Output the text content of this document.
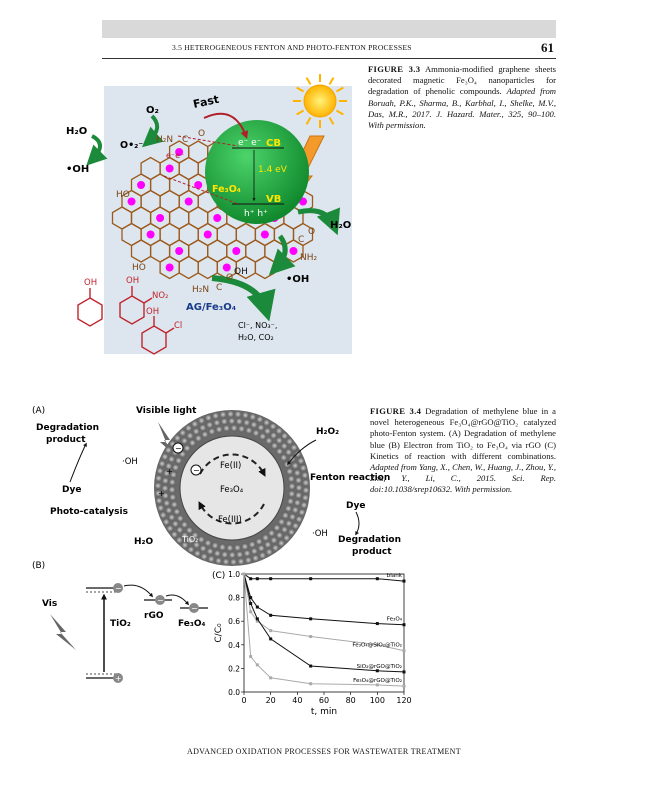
3.5 HETEROGENEOUS FENTON AND PHOTO-FENTON PROCESSES	61
e⁻ e⁻ CB
1.4 eV
Fe₃O₄
VB
h⁺ h⁺
H₂O
O₂	Fast
O•₂⁻
•OH
H₂N C
O
e⁻e⁻
HO
HO
H₂O
C
O
NH₂
OH
H₂N C
O	•OH
AG/Fe₃O₄
Cl⁻, NO₃⁻,
H₂O, CO₂
OH	OH
NO₂
OH
Cl
FIGURE 3.3 Ammonia-modified graphene sheets decorated magnetic Fe₃O₄ nanoparticles for degradation of phenolic compounds. Adapted from Boruah, P.K., Sharma, B., Karbhal, I., Shelke, M.V., Das, M.R., 2017. J. Hazard. Mater., 325, 90–100. With permission.
(A)	Visible light
Degradation
product
·OH
Dye
Photo-catalysis
H₂O
(B)
−
+
−
−
Vis
TiO₂
rGO
Fe₃O₄
Fe(II)
Fe₃O₄
Fe(III)
TiO₂
−
−
+
+
H₂O₂
Fenton reaction
Dye
·OH
Degradation
product
(C)
0 20 40 60 80 100 120
0.0
0.2
0.4
0.6
0.8
1.0
t, min
C/C₀
blank
Fe₃O₄
Fe₃O₄@SiO₂@TiO₂
SiO₂@rGO@TiO₂
Fe₃O₄@rGO@TiO₂
FIGURE 3.4 Degradation of methylene blue in a novel heterogeneous Fe₃O₄@rGO@TiO₂ catalyzed photo-Fenton system. (A) Degradation of methylene blue (B) Electron from TiO₂ to Fe₃O₄ via rGO (C) Kinetics of reaction with different combinations. Adapted from Yang, X., Chen, W., Huang, J., Zhou, Y., Zhu, Y., Li, C., 2015. Sci. Rep. doi:10.1038/srep10632. With permission.
ADVANCED OXIDATION PROCESSES FOR WASTEWATER TREATMENT
